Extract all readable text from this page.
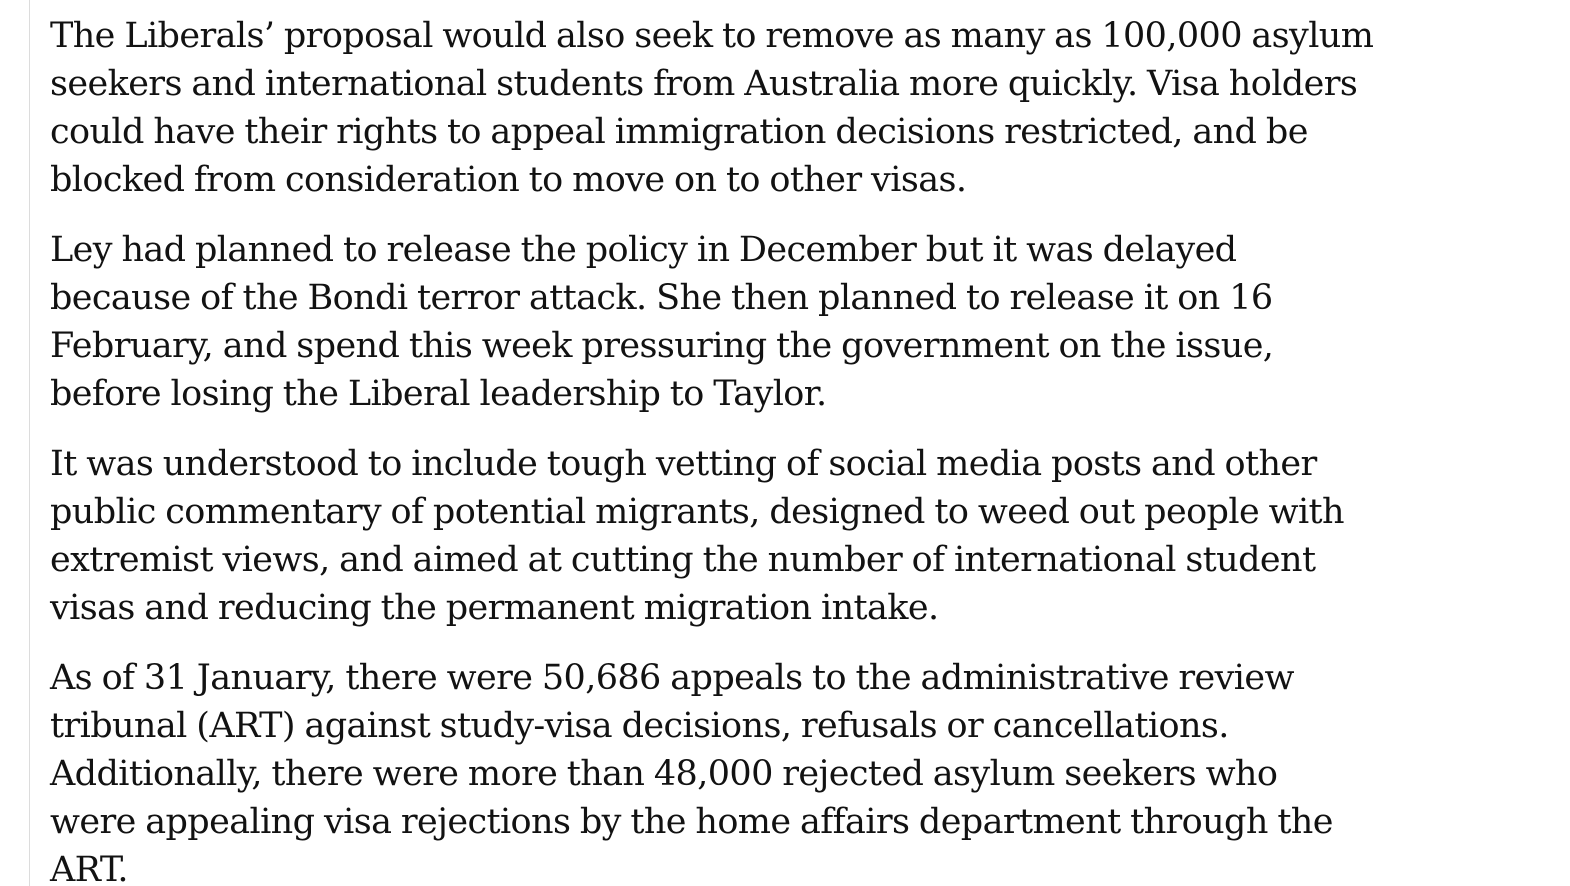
The Liberals’ proposal would also seek to remove as many as 100,000 asylum
seekers and international students from Australia more quickly. Visa holders
could have their rights to appeal immigration decisions restricted, and be
blocked from consideration to move on to other visas.

Ley had planned to release the policy in December but it was delayed
because of the Bondi terror attack. She then planned to release it on 16
February, and spend this week pressuring the government on the issue,
before losing the Liberal leadership to Taylor.

It was understood to include tough vetting of social media posts and other
public commentary of potential migrants, designed to weed out people with
extremist views, and aimed at cutting the number of international student
visas and reducing the permanent migration intake.

As of 31 January, there were 50,686 appeals to the administrative review
tribunal (ART) against study-visa decisions, refusals or cancellations.
Additionally, there were more than 48,000 rejected asylum seekers who
were appealing visa rejections by the home affairs department through the
ART.
